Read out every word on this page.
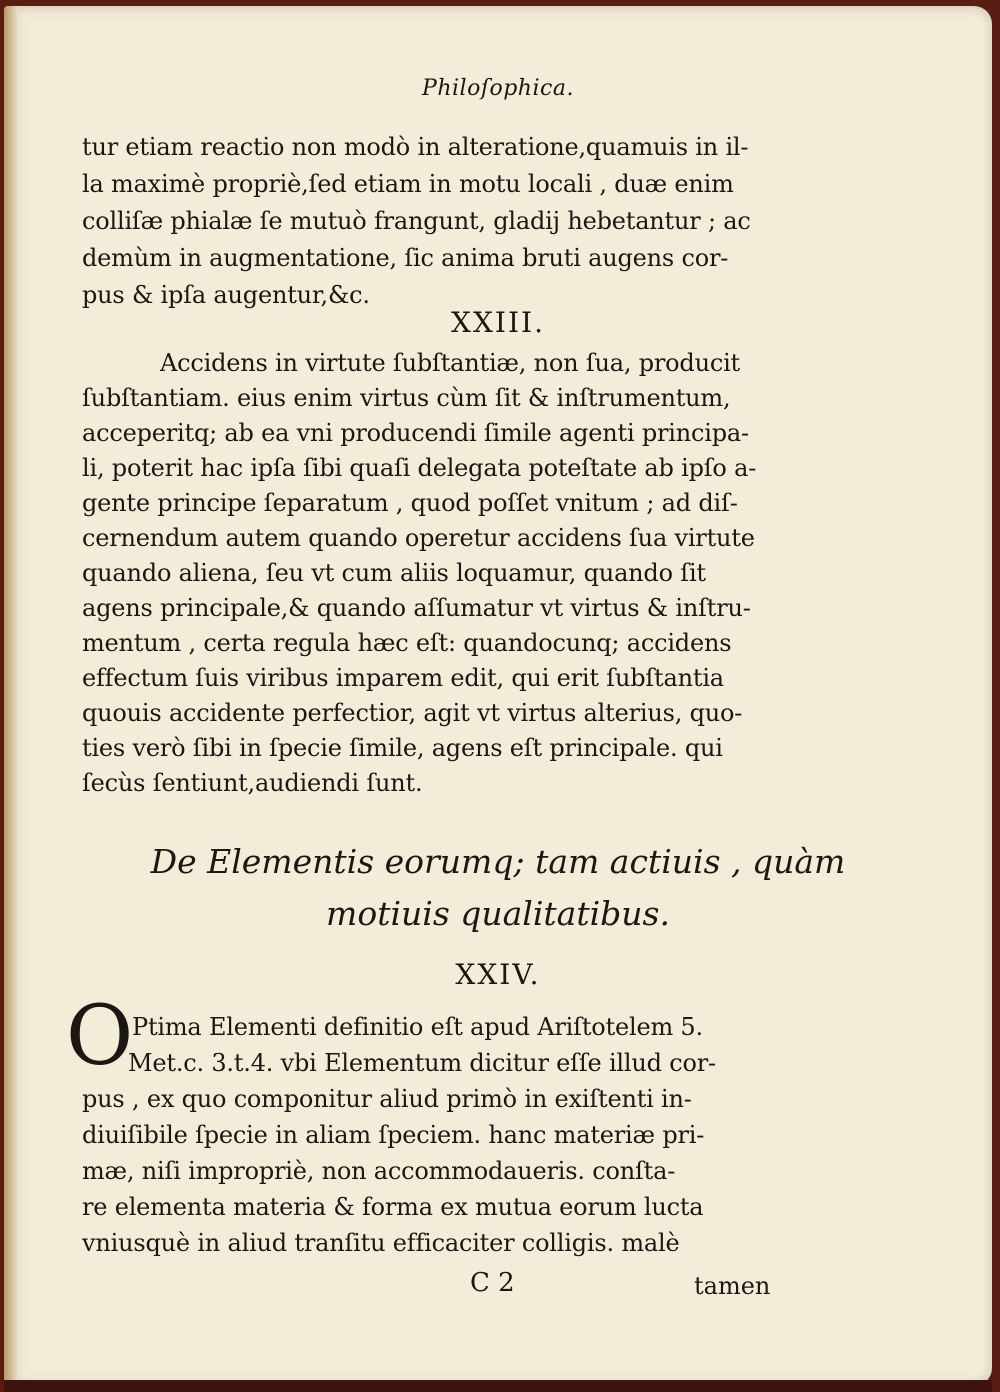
Philoſophica.
tur etiam reactio non modò in alteratione,quamuis in il-
la maximè propriè,ſed etiam in motu locali , duæ enim
colliſæ phialæ ſe mutuò frangunt, gladij hebetantur ; ac
demùm in augmentatione, ſic anima bruti augens cor-
pus & ipſa augentur,&c.
XXIII.
Accidens in virtute ſubſtantiæ, non ſua, producit
ſubſtantiam. eius enim virtus cùm ſit & inſtrumentum,
acceperitq; ab ea vni producendi ſimile agenti principa-
li, poterit hac ipſa ſibi quaſi delegata poteſtate ab ipſo a-
gente principe ſeparatum , quod poſſet vnitum ; ad diſ-
cernendum autem quando operetur accidens ſua virtute
quando aliena, ſeu vt cum aliis loquamur, quando ſit
agens principale,& quando aſſumatur vt virtus & inſtru-
mentum , certa regula hæc eſt: quandocunq; accidens
effectum ſuis viribus imparem edit, qui erit ſubſtantia
quouis accidente perfectior, agit vt virtus alterius, quo-
ties verò ſibi in ſpecie ſimile, agens eſt principale. qui
ſecùs ſentiunt,audiendi ſunt.
De Elementis eorumq; tam actiuis , quàm
motiuis qualitatibus.
XXIV.
O
Ptima Elementi definitio eſt apud Ariſtotelem 5.
Met.c. 3.t.4. vbi Elementum dicitur eſſe illud cor-
pus , ex quo componitur aliud primò in exiſtenti in-
diuiſibile ſpecie in aliam ſpeciem. hanc materiæ pri-
mæ, niſi impropriè, non accommodaueris. conſta-
re elementa materia & forma ex mutua eorum lucta
vniusquè in aliud tranſitu efficaciter colligis. malè
C 2	tamen
